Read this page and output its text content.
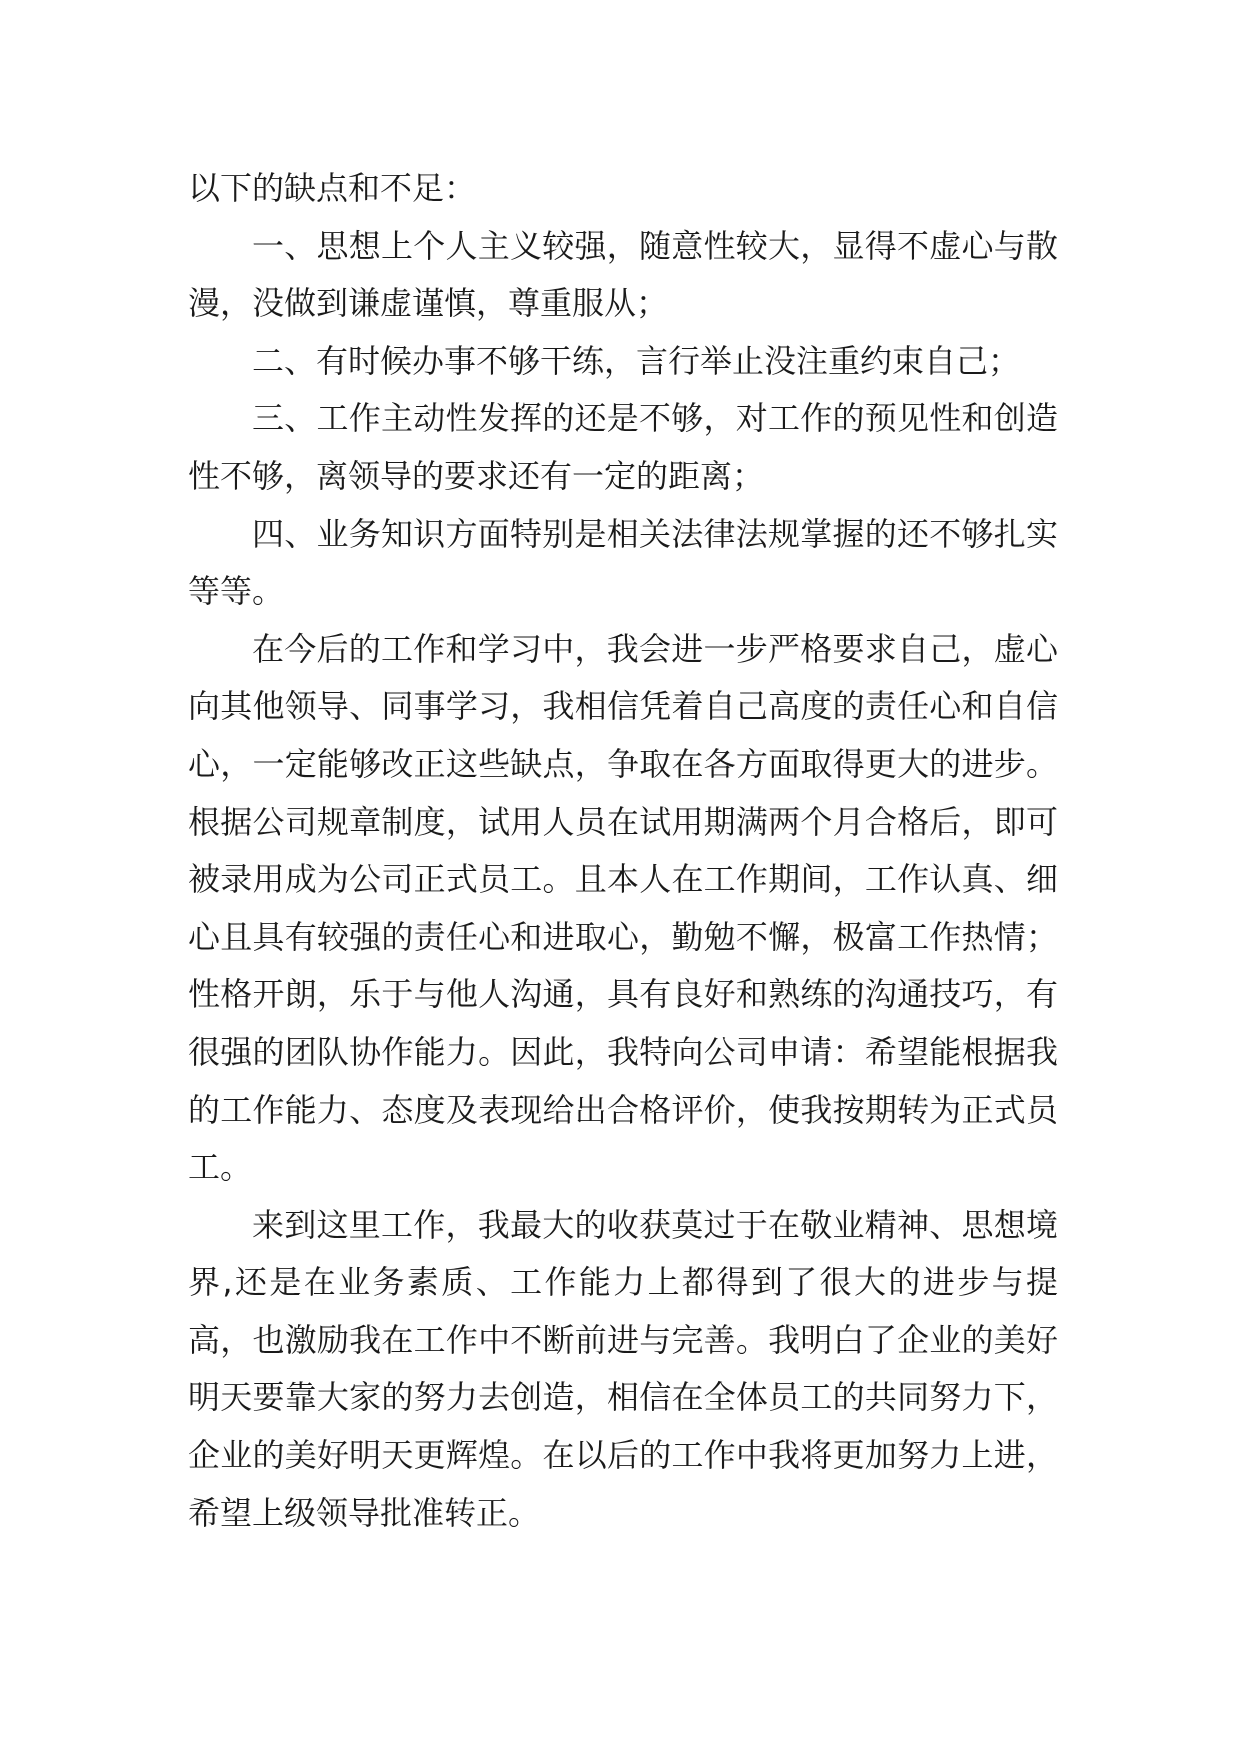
以下的缺点和不足：

一、思想上个人主义较强，随意性较大，显得不虚心与散漫，没做到谦虚谨慎，尊重服从；

二、有时候办事不够干练，言行举止没注重约束自己；

三、工作主动性发挥的还是不够，对工作的预见性和创造性不够，离领导的要求还有一定的距离；

四、业务知识方面特别是相关法律法规掌握的还不够扎实等等。

在今后的工作和学习中，我会进一步严格要求自己，虚心向其他领导、同事学习，我相信凭着自己高度的责任心和自信心，一定能够改正这些缺点，争取在各方面取得更大的进步。根据公司规章制度，试用人员在试用期满两个月合格后，即可被录用成为公司正式员工。且本人在工作期间，工作认真、细心且具有较强的责任心和进取心，勤勉不懈，极富工作热情；性格开朗，乐于与他人沟通，具有良好和熟练的沟通技巧，有很强的团队协作能力。因此，我特向公司申请：希望能根据我的工作能力、态度及表现给出合格评价，使我按期转为正式员工。

来到这里工作，我最大的收获莫过于在敬业精神、思想境界,还是在业务素质、工作能力上都得到了很大的进步与提高，也激励我在工作中不断前进与完善。我明白了企业的美好明天要靠大家的努力去创造，相信在全体员工的共同努力下，企业的美好明天更辉煌。在以后的工作中我将更加努力上进，希望上级领导批准转正。
